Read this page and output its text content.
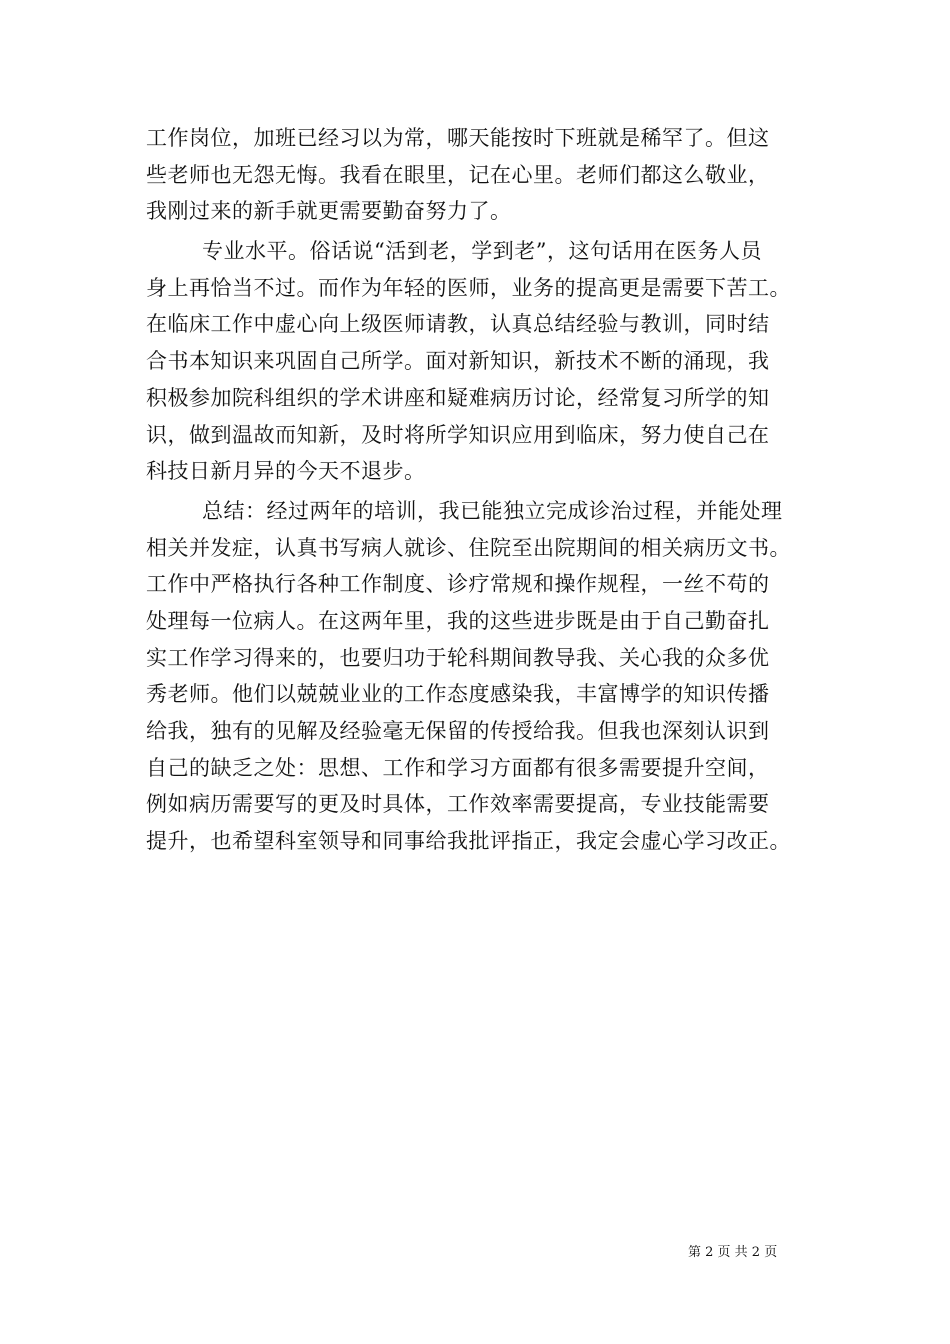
工作岗位，加班已经习以为常，哪天能按时下班就是稀罕了。但这
些老师也无怨无悔。我看在眼里，记在心里。老师们都这么敬业，
我刚过来的新手就更需要勤奋努力了。
专业水平。俗话说“活到老，学到老”，这句话用在医务人员
身上再恰当不过。而作为年轻的医师，业务的提高更是需要下苦工。
在临床工作中虚心向上级医师请教，认真总结经验与教训，同时结
合书本知识来巩固自己所学。面对新知识，新技术不断的涌现，我
积极参加院科组织的学术讲座和疑难病历讨论，经常复习所学的知
识，做到温故而知新，及时将所学知识应用到临床，努力使自己在
科技日新月异的今天不退步。
总结：经过两年的培训，我已能独立完成诊治过程，并能处理
相关并发症，认真书写病人就诊、住院至出院期间的相关病历文书。
工作中严格执行各种工作制度、诊疗常规和操作规程，一丝不苟的
处理每一位病人。在这两年里，我的这些进步既是由于自己勤奋扎
实工作学习得来的，也要归功于轮科期间教导我、关心我的众多优
秀老师。他们以兢兢业业的工作态度感染我，丰富博学的知识传播
给我，独有的见解及经验毫无保留的传授给我。但我也深刻认识到
自己的缺乏之处：思想、工作和学习方面都有很多需要提升空间，
例如病历需要写的更及时具体，工作效率需要提高，专业技能需要
提升，也希望科室领导和同事给我批评指正，我定会虚心学习改正。
第 2 页 共 2 页
